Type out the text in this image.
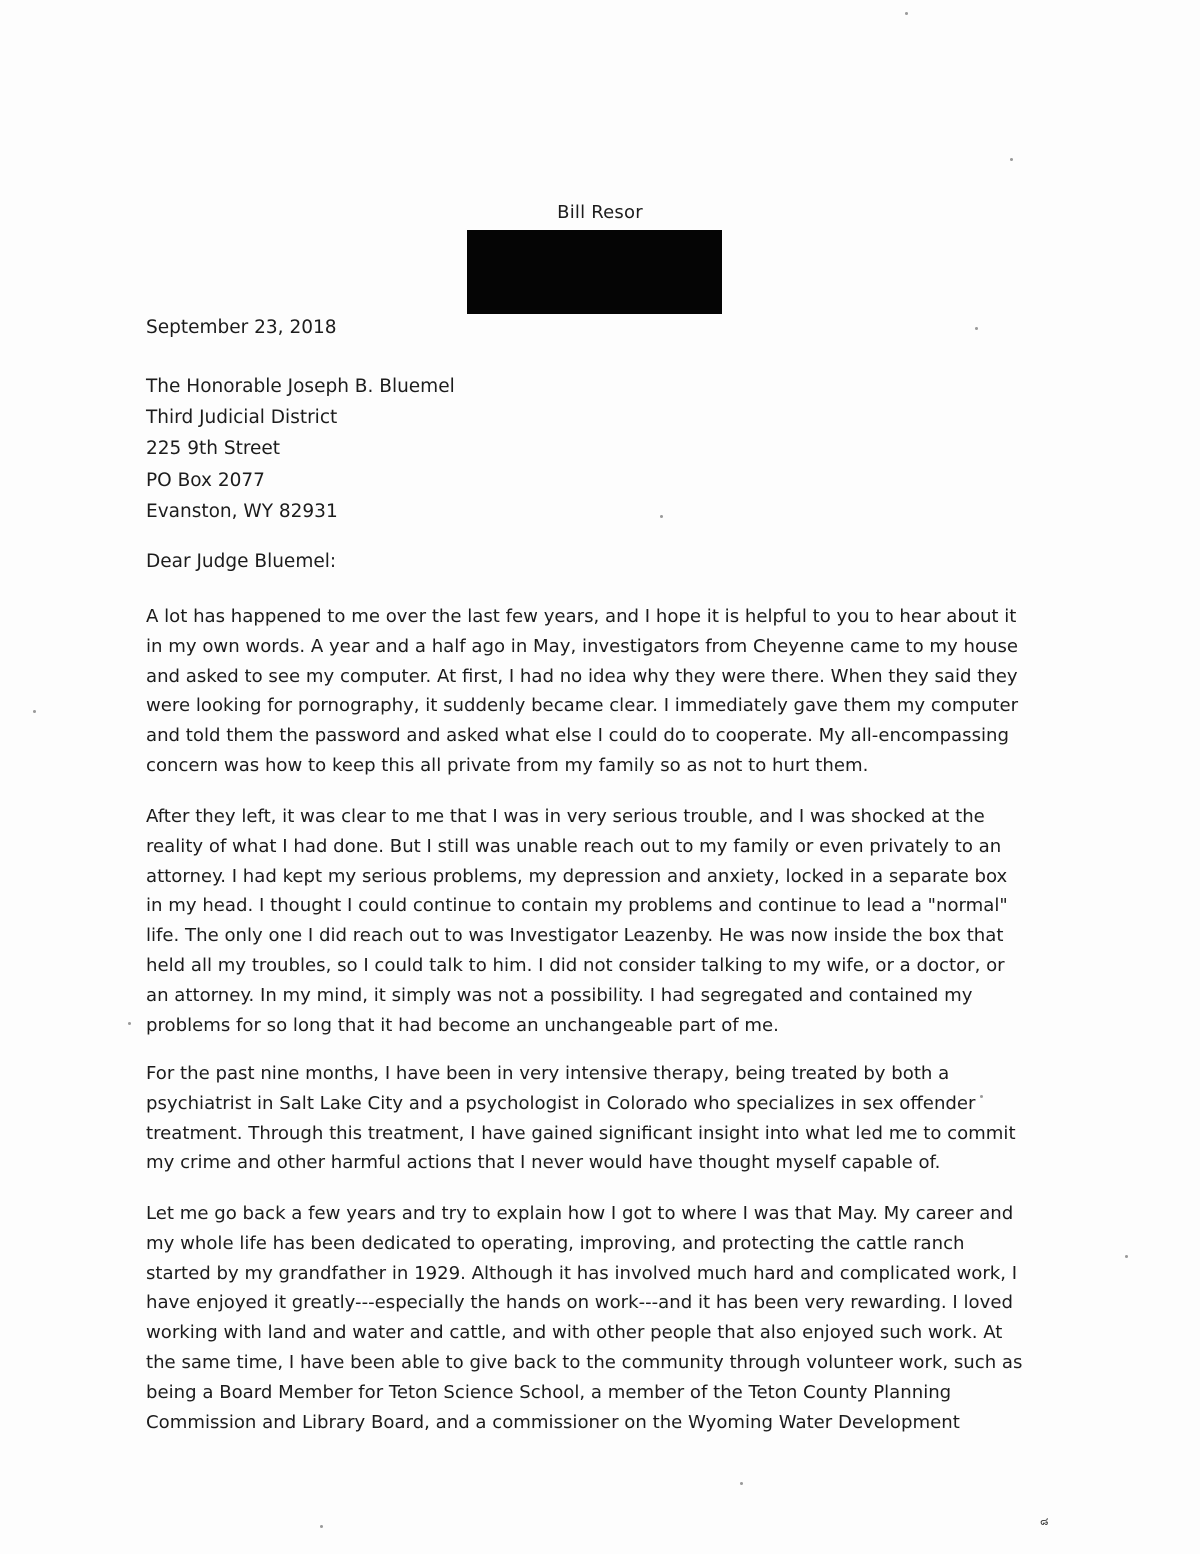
Bill Resor
September 23, 2018
The Honorable Joseph B. Bluemel
Third Judicial District
225 9th Street
PO Box 2077
Evanston, WY 82931
Dear Judge Bluemel:

A lot has happened to me over the last few years, and I hope it is helpful to you to hear about it
in my own words. A year and a half ago in May, investigators from Cheyenne came to my house
and asked to see my computer. At first, I had no idea why they were there. When they said they
were looking for pornography, it suddenly became clear. I immediately gave them my computer
and told them the password and asked what else I could do to cooperate. My all-encompassing
concern was how to keep this all private from my family so as not to hurt them.

After they left, it was clear to me that I was in very serious trouble, and I was shocked at the
reality of what I had done. But I still was unable reach out to my family or even privately to an
attorney. I had kept my serious problems, my depression and anxiety, locked in a separate box
in my head. I thought I could continue to contain my problems and continue to lead a "normal"
life. The only one I did reach out to was Investigator Leazenby. He was now inside the box that
held all my troubles, so I could talk to him. I did not consider talking to my wife, or a doctor, or
an attorney. In my mind, it simply was not a possibility. I had segregated and contained my
problems for so long that it had become an unchangeable part of me.

For the past nine months, I have been in very intensive therapy, being treated by both a
psychiatrist in Salt Lake City and a psychologist in Colorado who specializes in sex offender
treatment. Through this treatment, I have gained significant insight into what led me to commit
my crime and other harmful actions that I never would have thought myself capable of.

Let me go back a few years and try to explain how I got to where I was that May. My career and
my whole life has been dedicated to operating, improving, and protecting the cattle ranch
started by my grandfather in 1929. Although it has involved much hard and complicated work, I
have enjoyed it greatly---especially the hands on work---and it has been very rewarding. I loved
working with land and water and cattle, and with other people that also enjoyed such work. At
the same time, I have been able to give back to the community through volunteer work, such as
being a Board Member for Teton Science School, a member of the Teton County Planning
Commission and Library Board, and a commissioner on the Wyoming Water Development

๘
